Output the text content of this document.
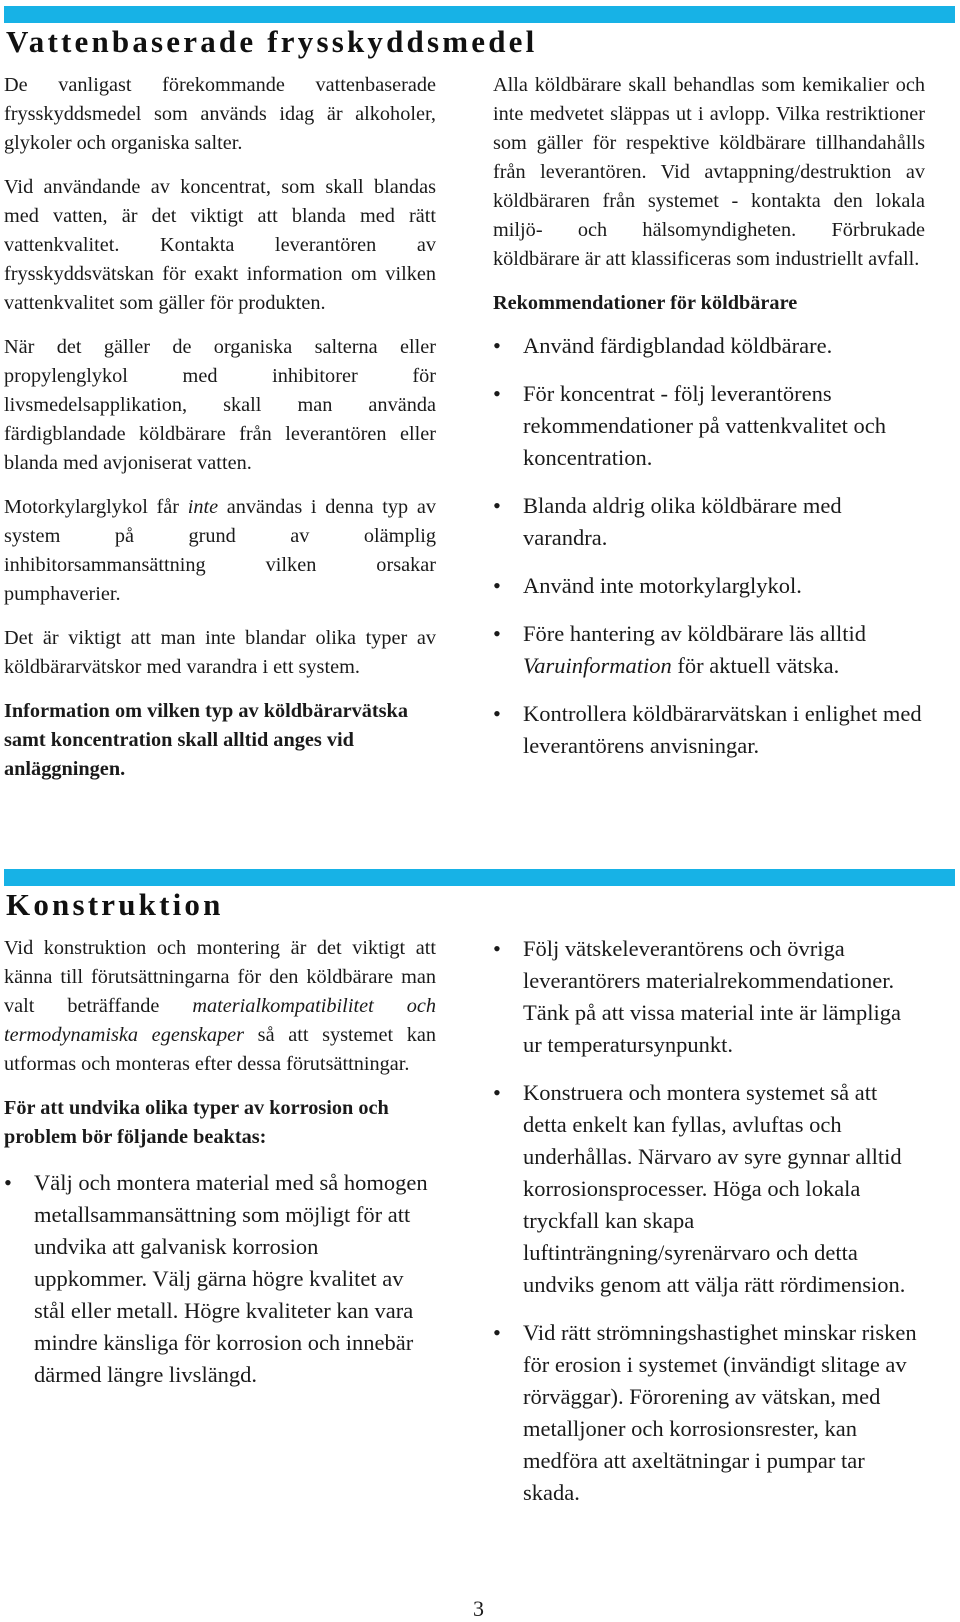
Vattenbaserade frysskyddsmedel

De vanligast förekommande vattenbaserade frysskyddsmedel som används idag är alkoholer, glykoler och organiska salter.

Vid användande av koncentrat, som skall blandas med vatten, är det viktigt att blanda med rätt vattenkvalitet. Kontakta leverantören av frysskyddsvätskan för exakt information om vilken vattenkvalitet som gäller för produkten.

När det gäller de organiska salterna eller propylenglykol med inhibitorer för livsmedelsapplikation, skall man använda färdigblandade köldbärare från leverantören eller blanda med avjoniserat vatten.

Motorkylarglykol får inte användas i denna typ av system på grund av olämplig inhibitorsammansättning vilken orsakar pumphaverier.

Det är viktigt att man inte blandar olika typer av köldbärarvätskor med varandra i ett system.

Information om vilken typ av köldbärarvätska samt koncentration skall alltid anges vid anläggningen.

Alla köldbärare skall behandlas som kemikalier och inte medvetet släppas ut i avlopp. Vilka restriktioner som gäller för respektive köldbärare tillhandahålls från leverantören. Vid avtappning/destruktion av köldbäraren från systemet - kontakta den lokala miljö- och hälsomyndigheten. Förbrukade köldbärare är att klassificeras som industriellt avfall.

Rekommendationer för köldbärare
• Använd färdigblandad köldbärare.
• För koncentrat - följ leverantörens rekommendationer på vattenkvalitet och koncentration.
• Blanda aldrig olika köldbärare med varandra.
• Använd inte motorkylarglykol.
• Före hantering av köldbärare läs alltid Varuinformation för aktuell vätska.
• Kontrollera köldbärarvätskan i enlighet med leverantörens anvisningar.
Konstruktion

Vid konstruktion och montering är det viktigt att känna till förutsättningarna för den köldbärare man valt beträffande materialkompatibilitet och termodynamiska egenskaper så att systemet kan utformas och monteras efter dessa förutsättningar.

För att undvika olika typer av korrosion och problem bör följande beaktas:

• Välj och montera material med så homogen metallsammansättning som möjligt för att undvika att galvanisk korrosion uppkommer. Välj gärna högre kvalitet av stål eller metall. Högre kvaliteter kan vara mindre känsliga för korrosion och innebär därmed längre livslängd.
• Följ vätskeleverantörens och övriga leverantörers materialrekommendationer. Tänk på att vissa material inte är lämpliga ur temperatursynpunkt.
• Konstruera och montera systemet så att detta enkelt kan fyllas, avluftas och underhållas. Närvaro av syre gynnar alltid korrosionsprocesser. Höga och lokala tryckfall kan skapa luftinträngning/syrenärvaro och detta undviks genom att välja rätt rördimension.
• Vid rätt strömningshastighet minskar risken för erosion i systemet (invändigt slitage av rörväggar). Förorening av vätskan, med metalljoner och korrosionsrester, kan medföra att axeltätningar i pumpar tar skada.
3
